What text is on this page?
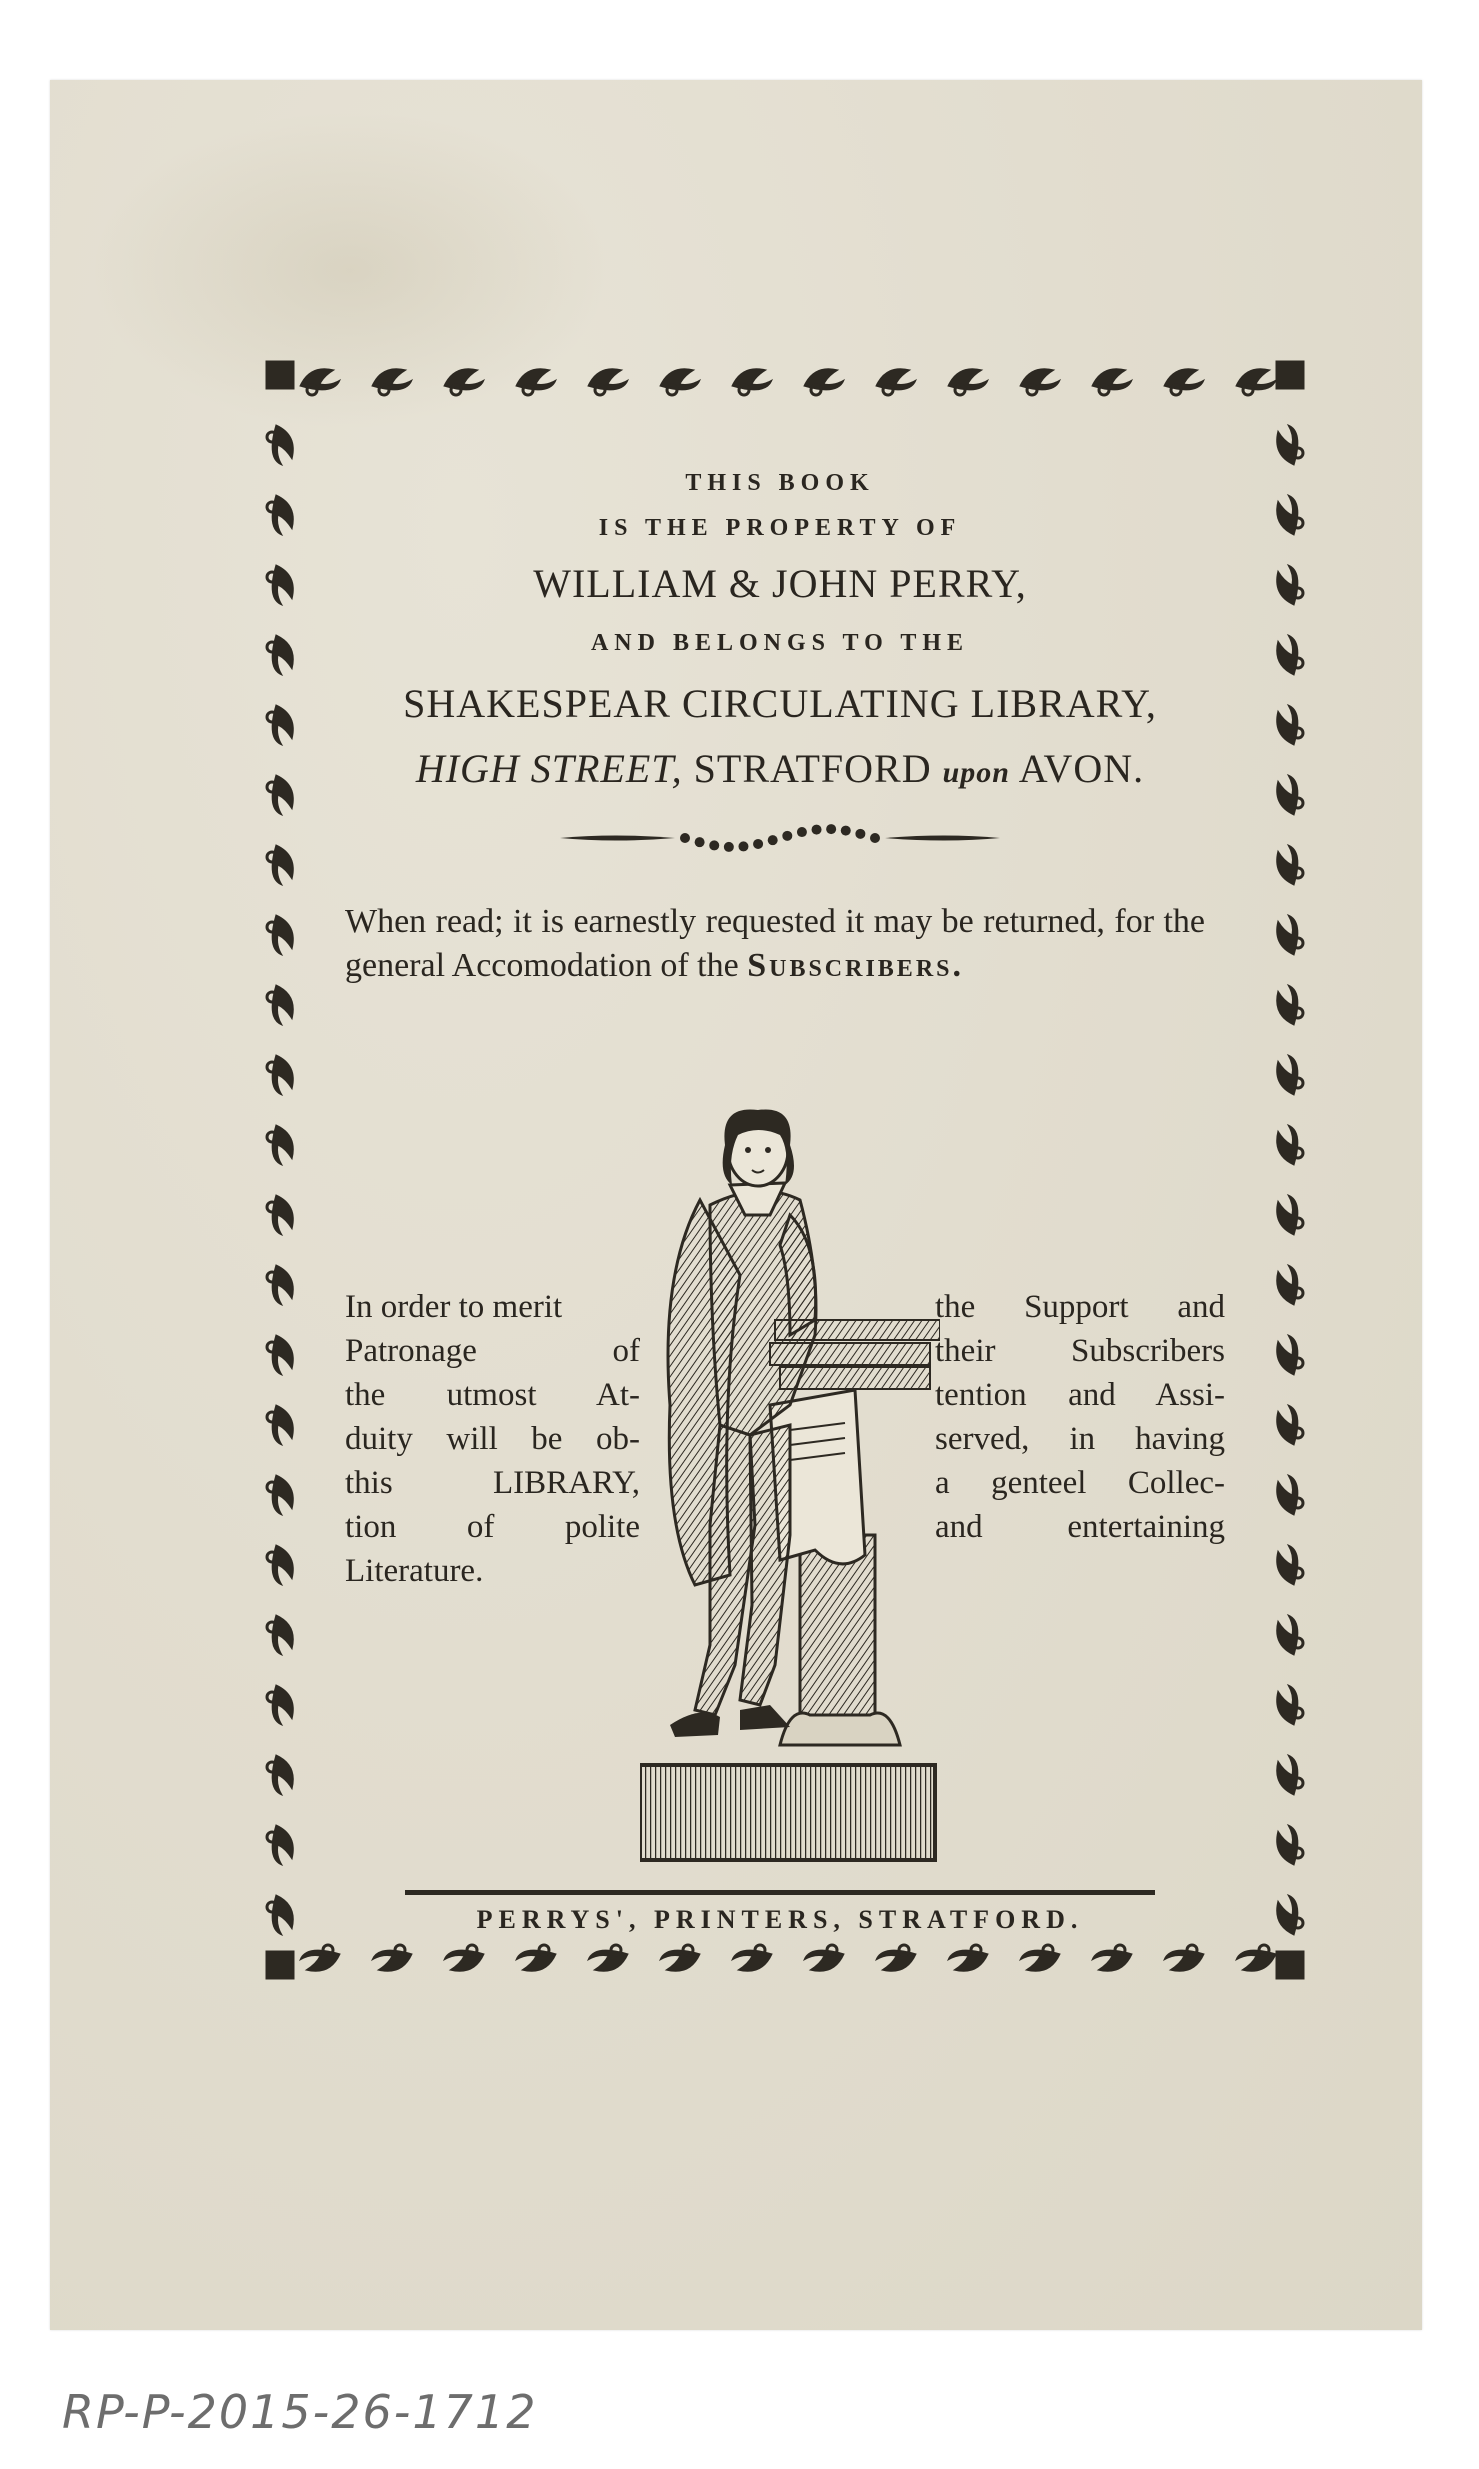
THIS BOOK

IS THE PROPERTY OF

WILLIAM & JOHN PERRY,

AND BELONGS TO THE

SHAKESPEAR CIRCULATING LIBRARY,

HIGH STREET, STRATFORD upon AVON.

When read; it is earnestly requested it may be returned, for the general Accomodation of the Subscribers.

In order to merit
Patronage of
the utmost At-
duity will be ob-
this LIBRARY,
tion of polite
Literature.
the Support and
their Subscribers
tention and Assi-
served, in having
a genteel Collec-
and entertaining

PERRYS', PRINTERS, STRATFORD.

RP-P-2015-26-1712
